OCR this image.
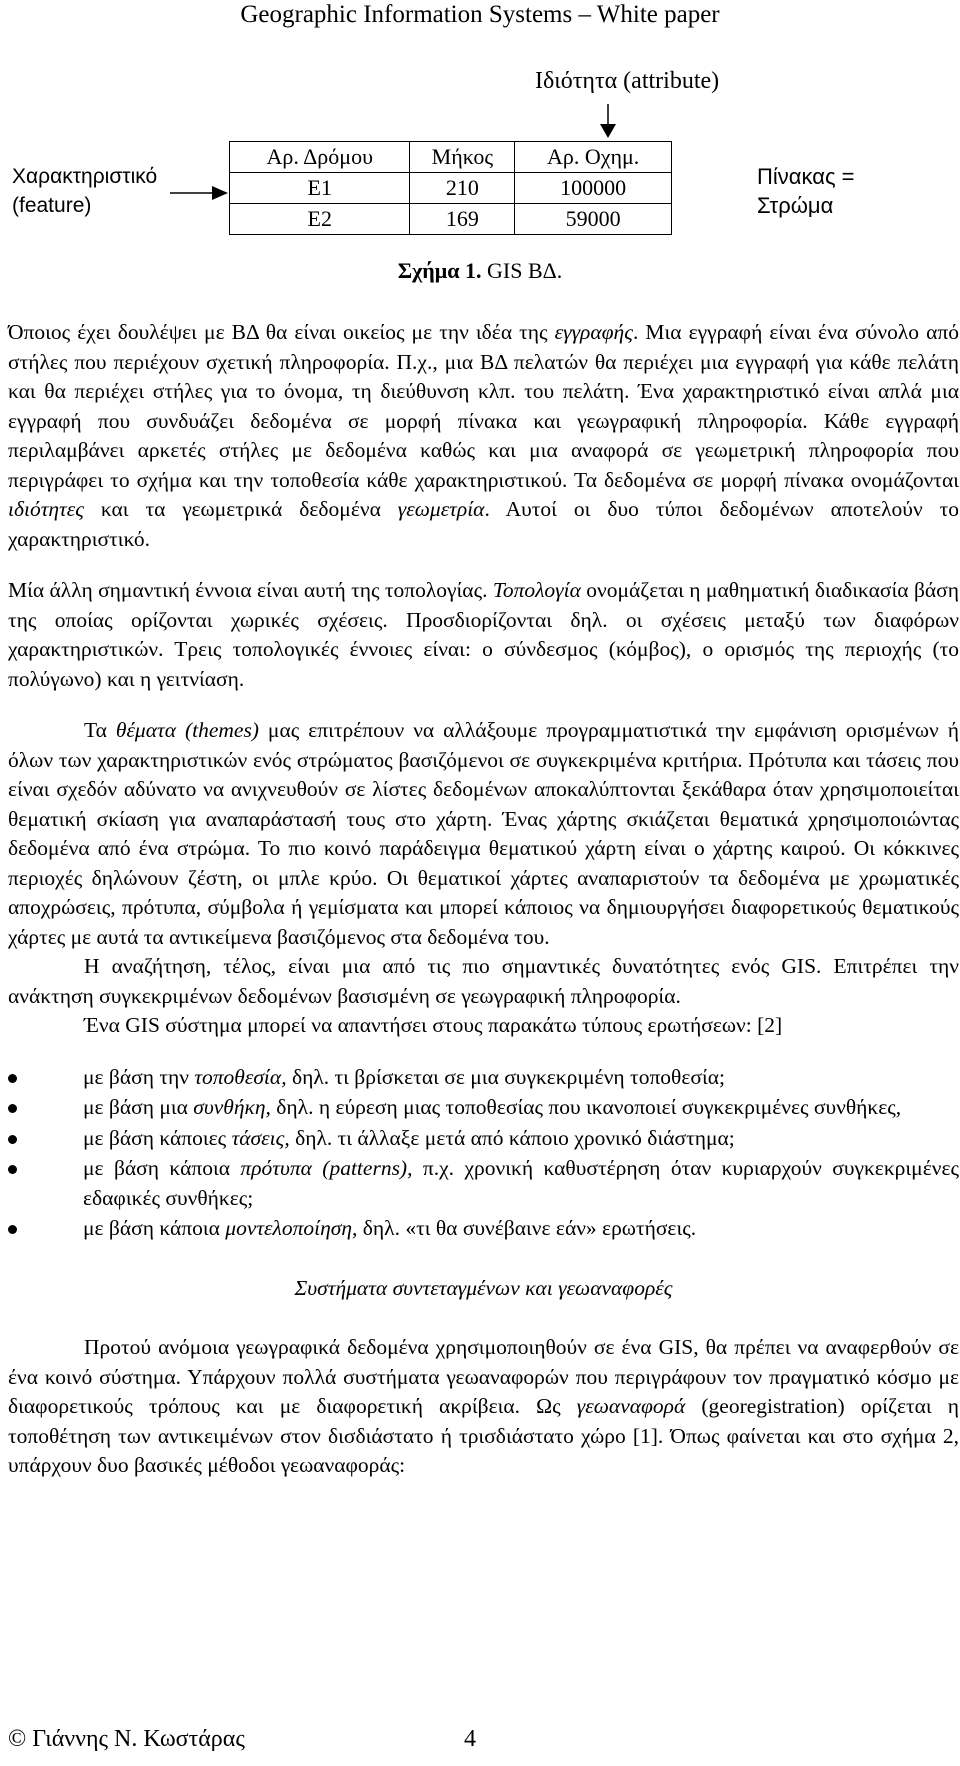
Geographic Information Systems – White paper
Ιδιότητα (attribute)
Χαρακτηριστικό
(feature)
Αρ. Δρόμου	Μήκος	Αρ. Οχημ.
E1	210	100000
E2	169	59000
Πίνακας =
Στρώμα
Σχήμα 1. GIS ΒΔ.

Όποιος έχει δουλέψει με ΒΔ θα είναι οικείος με την ιδέα της εγγραφής. Μια εγγραφή είναι ένα σύνολο από στήλες που περιέχουν σχετική πληροφορία. Π.χ., μια ΒΔ πελατών θα περιέχει μια εγγραφή για κάθε πελάτη και θα περιέχει στήλες για το όνομα, τη διεύθυνση κλπ. του πελάτη. Ένα χαρακτηριστικό είναι απλά μια εγγραφή που συνδυάζει δεδομένα σε μορφή πίνακα και γεωγραφική πληροφορία. Κάθε εγγραφή περιλαμβάνει αρκετές στήλες με δεδομένα καθώς και μια αναφορά σε γεωμετρική πληροφορία που περιγράφει το σχήμα και την τοποθεσία κάθε χαρακτηριστικού. Τα δεδομένα σε μορφή πίνακα ονομάζονται ιδιότητες και τα γεωμετρικά δεδομένα γεωμετρία. Αυτοί οι δυο τύποι δεδομένων αποτελούν το χαρακτηριστικό.

Μία άλλη σημαντική έννοια είναι αυτή της τοπολογίας. Τοπολογία ονομάζεται η μαθηματική διαδικασία βάση της οποίας ορίζονται χωρικές σχέσεις. Προσδιορίζονται δηλ. οι σχέσεις μεταξύ των διαφόρων χαρακτηριστικών. Τρεις τοπολογικές έννοιες είναι: ο σύνδεσμος (κόμβος), ο ορισμός της περιοχής (το πολύγωνο) και η γειτνίαση.

Τα θέματα (themes) μας επιτρέπουν να αλλάξουμε προγραμματιστικά την εμφάνιση ορισμένων ή όλων των χαρακτηριστικών ενός στρώματος βασιζόμενοι σε συγκεκριμένα κριτήρια. Πρότυπα και τάσεις που είναι σχεδόν αδύνατο να ανιχνευθούν σε λίστες δεδομένων αποκαλύπτονται ξεκάθαρα όταν χρησιμοποιείται θεματική σκίαση για αναπαράστασή τους στο χάρτη. Ένας χάρτης σκιάζεται θεματικά χρησιμοποιώντας δεδομένα από ένα στρώμα. Το πιο κοινό παράδειγμα θεματικού χάρτη είναι ο χάρτης καιρού. Οι κόκκινες περιοχές δηλώνουν ζέστη, οι μπλε κρύο. Οι θεματικοί χάρτες αναπαριστούν τα δεδομένα με χρωματικές αποχρώσεις, πρότυπα, σύμβολα ή γεμίσματα και μπορεί κάποιος να δημιουργήσει διαφορετικούς θεματικούς χάρτες με αυτά τα αντικείμενα βασιζόμενος στα δεδομένα του.

Η αναζήτηση, τέλος, είναι μια από τις πιο σημαντικές δυνατότητες ενός GIS. Επιτρέπει την ανάκτηση συγκεκριμένων δεδομένων βασισμένη σε γεωγραφική πληροφορία.

Ένα GIS σύστημα μπορεί να απαντήσει στους παρακάτω τύπους ερωτήσεων: [2]

με βάση την τοποθεσία, δηλ. τι βρίσκεται σε μια συγκεκριμένη τοποθεσία;
με βάση μια συνθήκη, δηλ. η εύρεση μιας τοποθεσίας που ικανοποιεί συγκεκριμένες συνθήκες,
με βάση κάποιες τάσεις, δηλ. τι άλλαξε μετά από κάποιο χρονικό διάστημα;
με βάση κάποια πρότυπα (patterns), π.χ. χρονική καθυστέρηση όταν κυριαρχούν συγκεκριμένες εδαφικές συνθήκες;
με βάση κάποια μοντελοποίηση, δηλ. «τι θα συνέβαινε εάν» ερωτήσεις.

Συστήματα συντεταγμένων και γεωαναφορές

Προτού ανόμοια γεωγραφικά δεδομένα χρησιμοποιηθούν σε ένα GIS, θα πρέπει να αναφερθούν σε ένα κοινό σύστημα. Υπάρχουν πολλά συστήματα γεωαναφορών που περιγράφουν τον πραγματικό κόσμο με διαφορετικούς τρόπους και με διαφορετική ακρίβεια. Ως γεωαναφορά (georegistration) ορίζεται η τοποθέτηση των αντικειμένων στον δισδιάστατο ή τρισδιάστατο χώρο [1]. Όπως φαίνεται και στο σχήμα 2, υπάρχουν δυο βασικές μέθοδοι γεωαναφοράς:

© Γιάννης Ν. Κωστάρας	4
